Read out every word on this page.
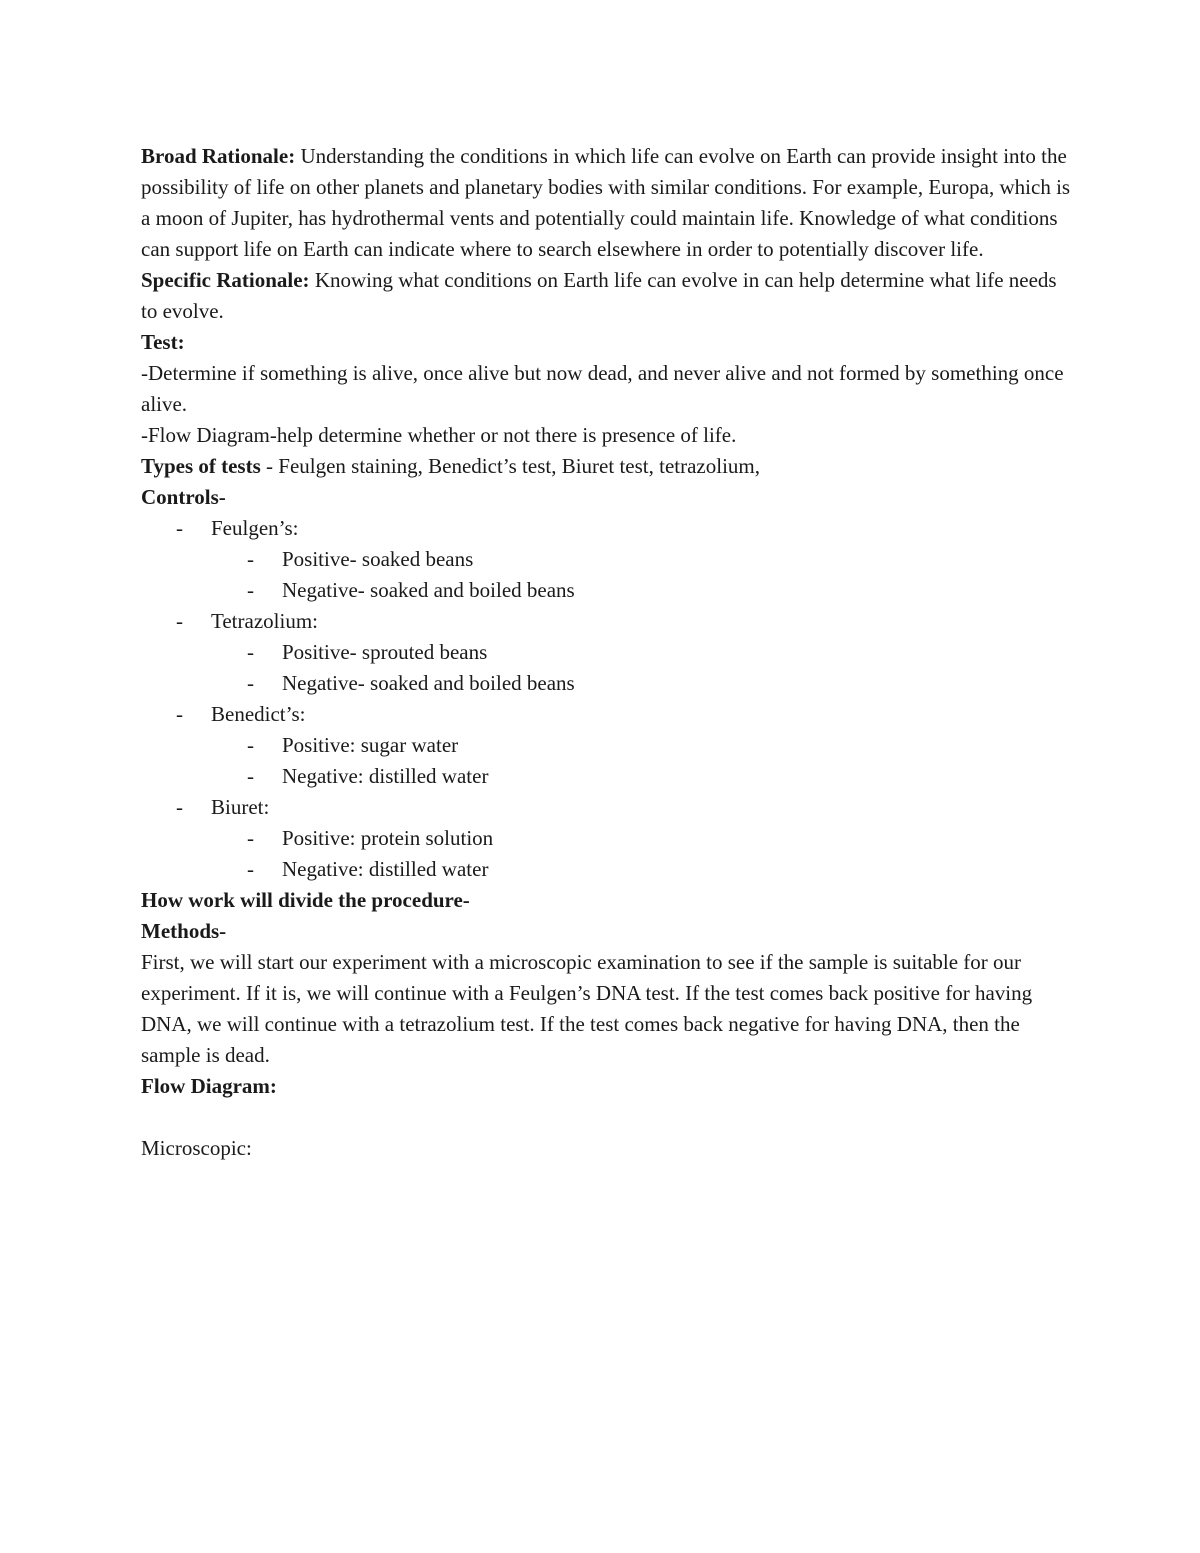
Broad Rationale: Understanding the conditions in which life can evolve on Earth can provide insight into the possibility of life on other planets and planetary bodies with similar conditions. For example, Europa, which is a moon of Jupiter, has hydrothermal vents and potentially could maintain life. Knowledge of what conditions can support life on Earth can indicate where to search elsewhere in order to potentially discover life.

Specific Rationale: Knowing what conditions on Earth life can evolve in can help determine what life needs to evolve.

Test:

-Determine if something is alive, once alive but now dead, and never alive and not formed by something once alive.

-Flow Diagram-help determine whether or not there is presence of life.

Types of tests - Feulgen staining, Benedict’s test, Biuret test, tetrazolium,

Controls-

- Feulgen’s:
- Positive- soaked beans
- Negative- soaked and boiled beans
- Tetrazolium:
- Positive- sprouted beans
- Negative- soaked and boiled beans
- Benedict’s:
- Positive: sugar water
- Negative: distilled water
- Biuret:
- Positive: protein solution
- Negative: distilled water

How work will divide the procedure-

Methods-

First, we will start our experiment with a microscopic examination to see if the sample is suitable for our experiment. If it is, we will continue with a Feulgen’s DNA test. If the test comes back positive for having DNA, we will continue with a tetrazolium test. If the test comes back negative for having DNA, then the sample is dead.

Flow Diagram:

Microscopic:
